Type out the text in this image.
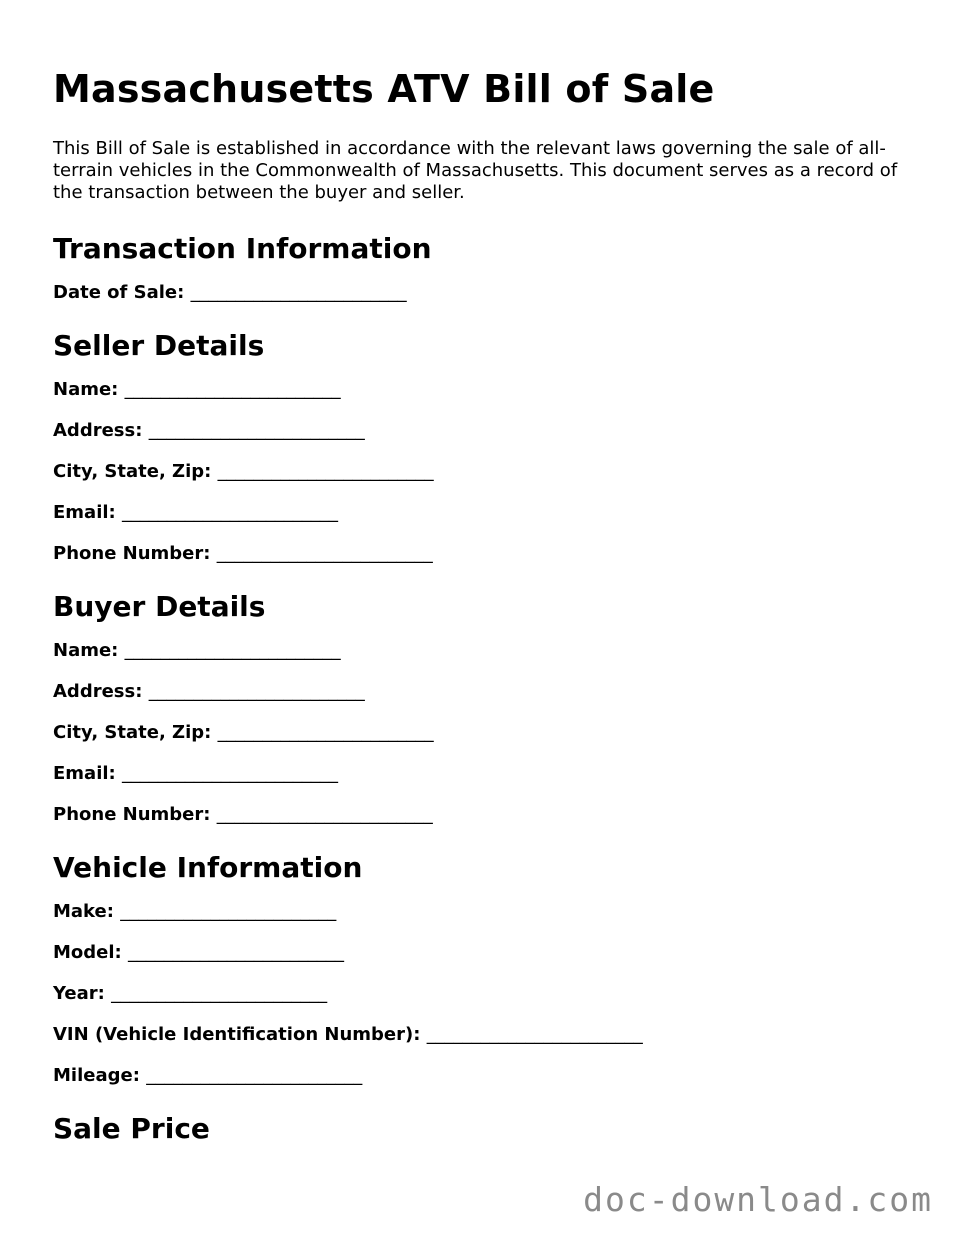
Massachusetts ATV Bill of Sale

This Bill of Sale is established in accordance with the relevant laws governing the sale of all-terrain vehicles in the Commonwealth of Massachusetts. This document serves as a record of the transaction between the buyer and seller.

Transaction Information
Date of Sale: ________________________
Seller Details
Name: ________________________
Address: ________________________
City, State, Zip: ________________________
Email: ________________________
Phone Number: ________________________
Buyer Details
Name: ________________________
Address: ________________________
City, State, Zip: ________________________
Email: ________________________
Phone Number: ________________________
Vehicle Information
Make: ________________________
Model: ________________________
Year: ________________________
VIN (Vehicle Identification Number): ________________________
Mileage: ________________________
Sale Price
doc-download.com
